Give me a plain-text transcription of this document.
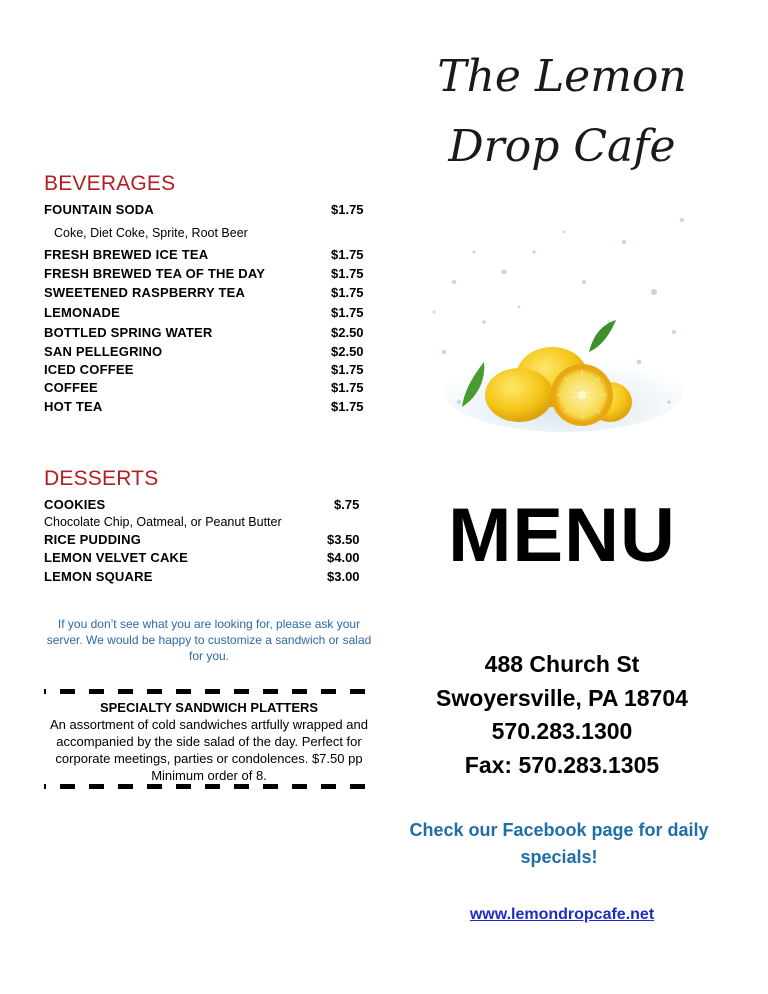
The Lemon
Drop Cafe
MENU
488 Church St
Swoyersville, PA 18704
570.283.1300
Fax: 570.283.1305
Check our Facebook page for daily
specials!
www.lemondropcafe.net
BEVERAGES
FOUNTAIN SODA	$1.75
Coke, Diet Coke, Sprite, Root Beer
FRESH BREWED ICE TEA	$1.75
FRESH BREWED TEA OF THE DAY	$1.75
SWEETENED RASPBERRY TEA	$1.75
LEMONADE	$1.75
BOTTLED SPRING WATER	$2.50
SAN PELLEGRINO	$2.50
ICED COFFEE	$1.75
COFFEE	$1.75
HOT TEA	$1.75
DESSERTS
COOKIES	$.75
Chocolate Chip, Oatmeal, or Peanut Butter
RICE PUDDING	$3.50
LEMON VELVET CAKE	$4.00
LEMON SQUARE	$3.00
If you don’t see what you are looking for, please ask your
server. We would be happy to customize a sandwich or salad
for you.
SPECIALTY SANDWICH PLATTERS
An assortment of cold sandwiches artfully wrapped and
accompanied by the side salad of the day. Perfect for
corporate meetings, parties or condolences. $7.50 pp
Minimum order of 8.
